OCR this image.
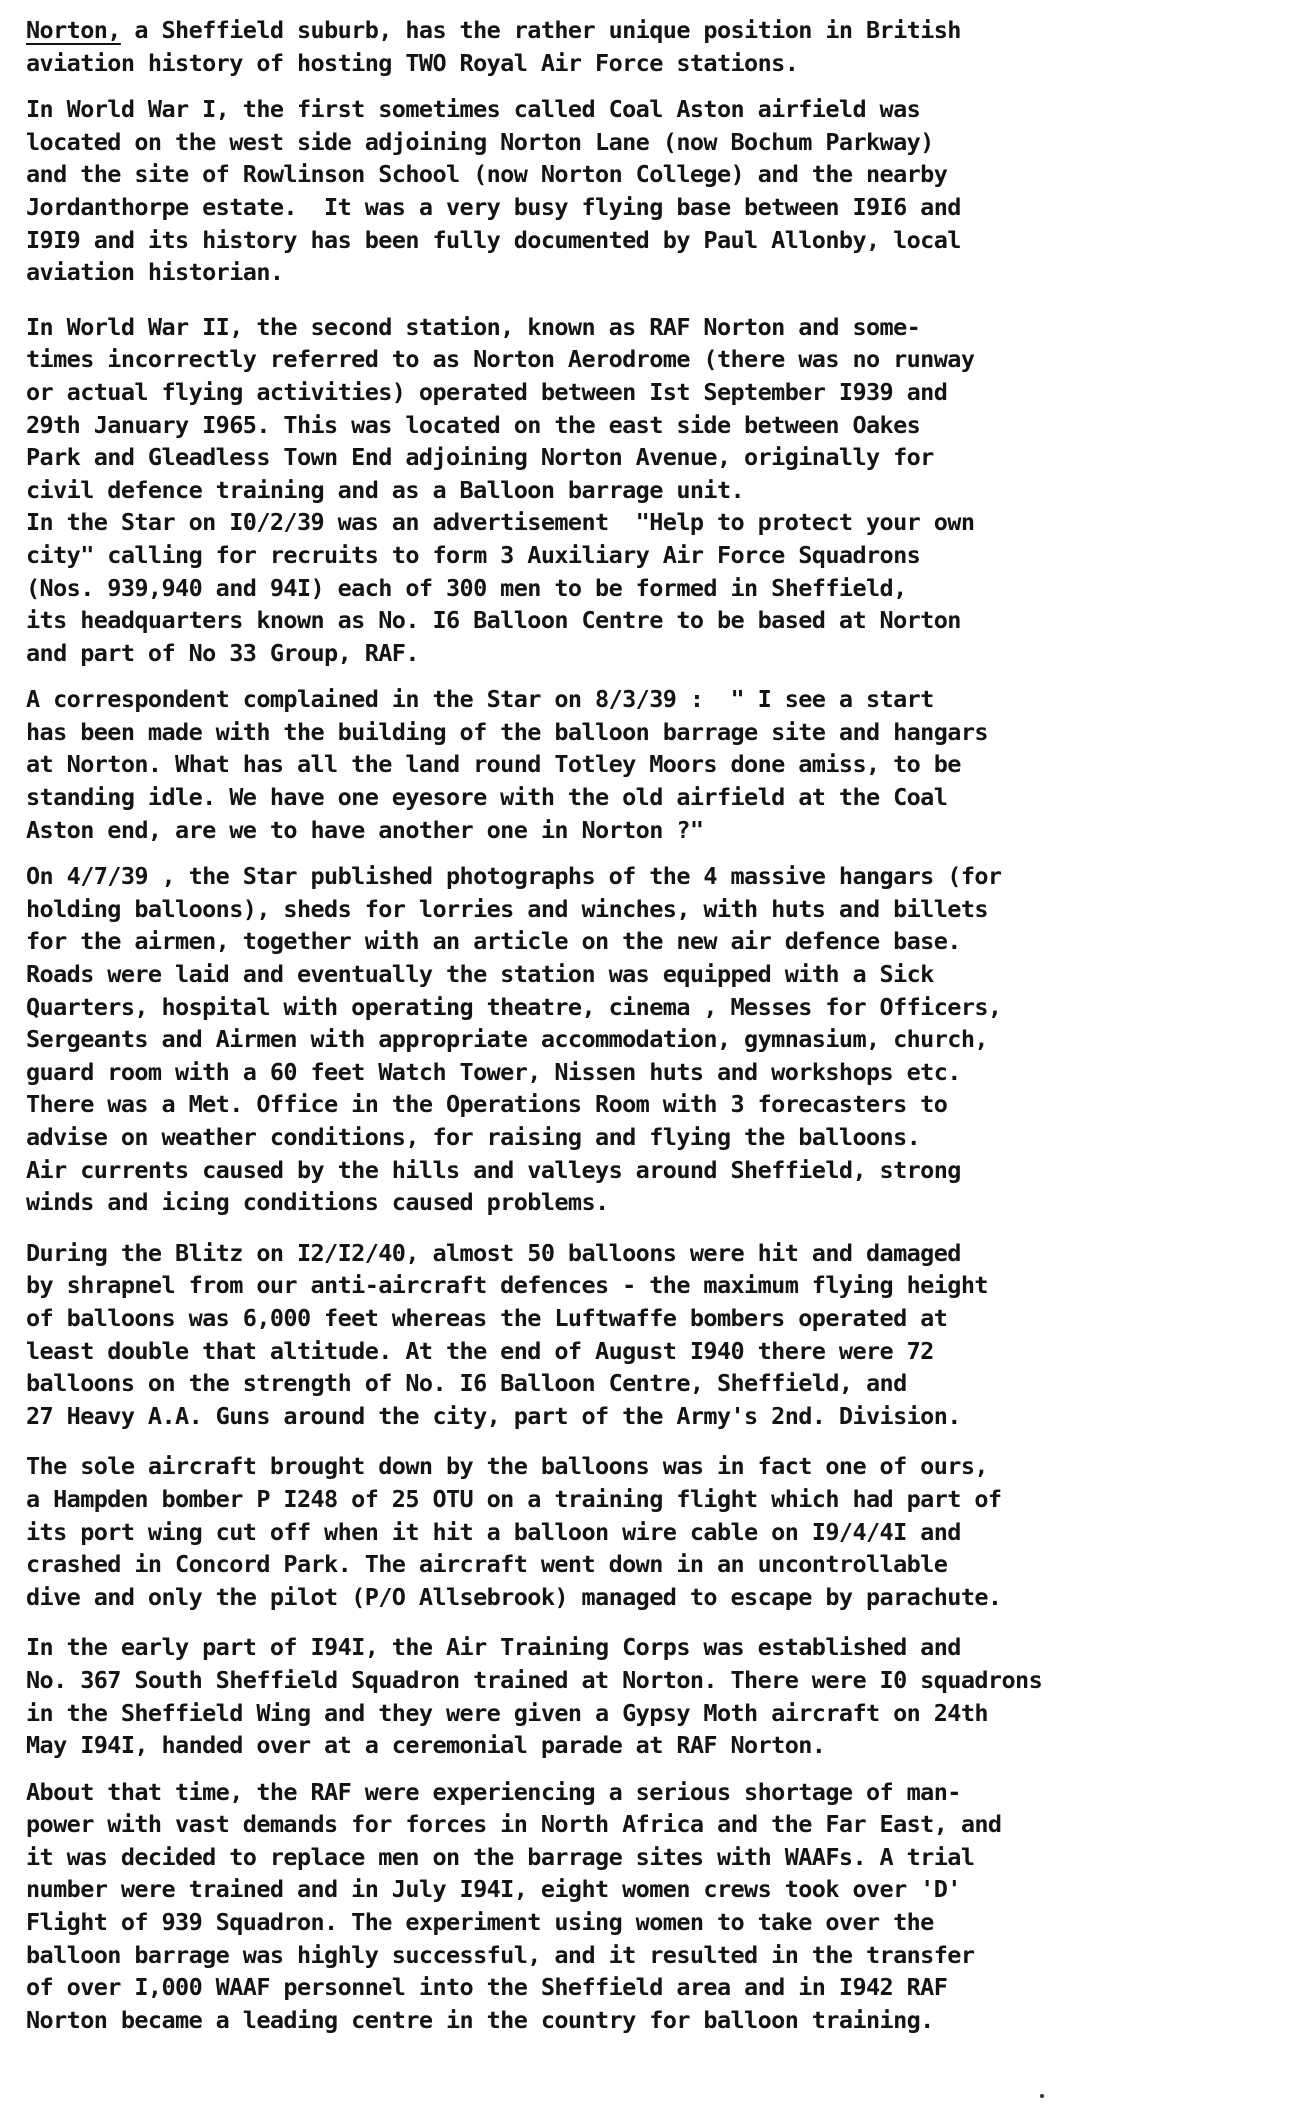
Norton, a Sheffield suburb, has the rather unique position in British
aviation history of hosting TWO Royal Air Force stations.
In World War I, the first sometimes called Coal Aston airfield was
located on the west side adjoining Norton Lane (now Bochum Parkway)
and the site of Rowlinson School (now Norton College) and the nearby
Jordanthorpe estate.  It was a very busy flying base between I9I6 and
I9I9 and its history has been fully documented by Paul Allonby, local
aviation historian.
In World War II, the second station, known as RAF Norton and some-
times incorrectly referred to as Norton Aerodrome (there was no runway
or actual flying activities) operated between Ist September I939 and
29th January I965. This was located on the east side between Oakes
Park and Gleadless Town End adjoining Norton Avenue, originally for
civil defence training and as a Balloon barrage unit.
In the Star on I0/2/39 was an advertisement  "Help to protect your own
city" calling for recruits to form 3 Auxiliary Air Force Squadrons
(Nos. 939,940 and 94I) each of 300 men to be formed in Sheffield,
its headquarters known as No. I6 Balloon Centre to be based at Norton
and part of No 33 Group, RAF.
A correspondent complained in the Star on 8/3/39 :  " I see a start
has been made with the building of the balloon barrage site and hangars
at Norton. What has all the land round Totley Moors done amiss, to be
standing idle. We have one eyesore with the old airfield at the Coal
Aston end, are we to have another one in Norton ?"
On 4/7/39 , the Star published photographs of the 4 massive hangars (for
holding balloons), sheds for lorries and winches, with huts and billets
for the airmen, together with an article on the new air defence base.
Roads were laid and eventually the station was equipped with a Sick
Quarters, hospital with operating theatre, cinema , Messes for Officers,
Sergeants and Airmen with appropriate accommodation, gymnasium, church,
guard room with a 60 feet Watch Tower, Nissen huts and workshops etc.
There was a Met. Office in the Operations Room with 3 forecasters to
advise on weather conditions, for raising and flying the balloons.
Air currents caused by the hills and valleys around Sheffield, strong
winds and icing conditions caused problems.
During the Blitz on I2/I2/40, almost 50 balloons were hit and damaged
by shrapnel from our anti-aircraft defences - the maximum flying height
of balloons was 6,000 feet whereas the Luftwaffe bombers operated at
least double that altitude. At the end of August I940 there were 72
balloons on the strength of No. I6 Balloon Centre, Sheffield, and
27 Heavy A.A. Guns around the city, part of the Army's 2nd. Division.
The sole aircraft brought down by the balloons was in fact one of ours,
a Hampden bomber P I248 of 25 OTU on a training flight which had part of
its port wing cut off when it hit a balloon wire cable on I9/4/4I and
crashed in Concord Park. The aircraft went down in an uncontrollable
dive and only the pilot (P/O Allsebrook) managed to escape by parachute.
In the early part of I94I, the Air Training Corps was established and
No. 367 South Sheffield Squadron trained at Norton. There were I0 squadrons
in the Sheffield Wing and they were given a Gypsy Moth aircraft on 24th
May I94I, handed over at a ceremonial parade at RAF Norton.
About that time, the RAF were experiencing a serious shortage of man-
power with vast demands for forces in North Africa and the Far East, and
it was decided to replace men on the barrage sites with WAAFs. A trial
number were trained and in July I94I, eight women crews took over 'D'
Flight of 939 Squadron. The experiment using women to take over the
balloon barrage was highly successful, and it resulted in the transfer
of over I,000 WAAF personnel into the Sheffield area and in I942 RAF
Norton became a leading centre in the country for balloon training.
